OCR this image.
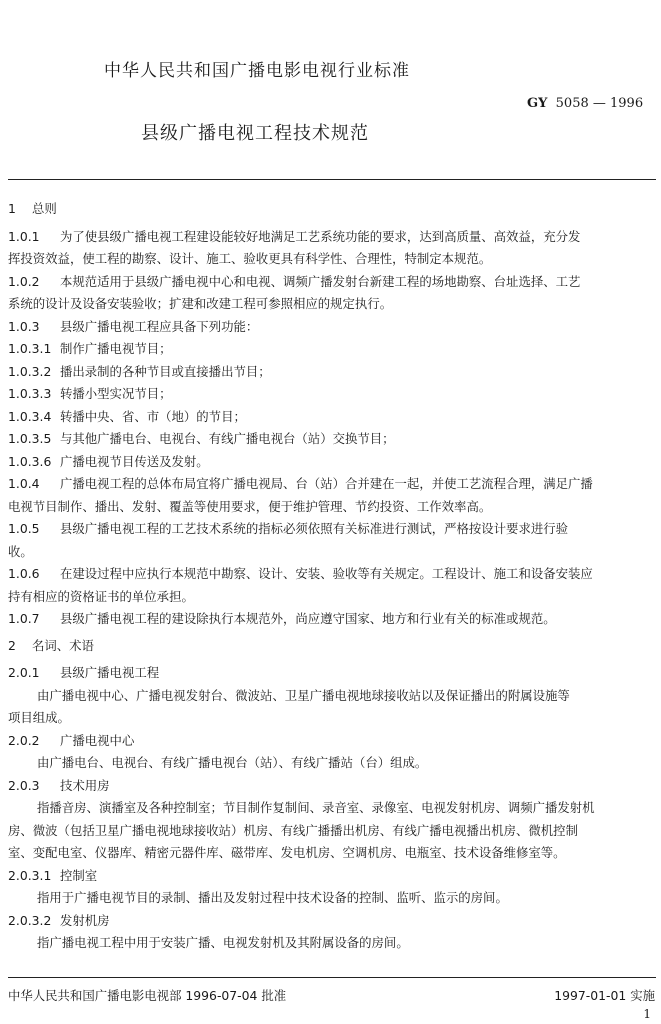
中华人民共和国广播电影电视行业标准
GY 5058 — 1996
县级广播电视工程技术规范
1 总则
1.0.1 为了使县级广播电视工程建设能较好地满足工艺系统功能的要求，达到高质量、高效益，充分发
挥投资效益，使工程的勘察、设计、施工、验收更具有科学性、合理性，特制定本规范。
1.0.2 本规范适用于县级广播电视中心和电视、调频广播发射台新建工程的场地勘察、台址选择、工艺
系统的设计及设备安装验收；扩建和改建工程可参照相应的规定执行。
1.0.3 县级广播电视工程应具备下列功能：
1.0.3.1 制作广播电视节目；
1.0.3.2 播出录制的各种节目或直接播出节目；
1.0.3.3 转播小型实况节目；
1.0.3.4 转播中央、省、市（地）的节目；
1.0.3.5 与其他广播电台、电视台、有线广播电视台（站）交换节目；
1.0.3.6 广播电视节目传送及发射。
1.0.4 广播电视工程的总体布局宜将广播电视局、台（站）合并建在一起，并使工艺流程合理，满足广播
电视节目制作、播出、发射、覆盖等使用要求，便于维护管理、节约投资、工作效率高。
1.0.5 县级广播电视工程的工艺技术系统的指标必须依照有关标准进行测试，严格按设计要求进行验
收。
1.0.6 在建设过程中应执行本规范中勘察、设计、安装、验收等有关规定。工程设计、施工和设备安装应
持有相应的资格证书的单位承担。
1.0.7 县级广播电视工程的建设除执行本规范外，尚应遵守国家、地方和行业有关的标准或规范。
2 名词、术语
2.0.1 县级广播电视工程
由广播电视中心、广播电视发射台、微波站、卫星广播电视地球接收站以及保证播出的附属设施等
项目组成。
2.0.2 广播电视中心
由广播电台、电视台、有线广播电视台（站）、有线广播站（台）组成。
2.0.3 技术用房
指播音房、演播室及各种控制室；节目制作复制间、录音室、录像室、电视发射机房、调频广播发射机
房、微波（包括卫星广播电视地球接收站）机房、有线广播播出机房、有线广播电视播出机房、微机控制
室、变配电室、仪器库、精密元器件库、磁带库、发电机房、空调机房、电瓶室、技术设备维修室等。
2.0.3.1 控制室
指用于广播电视节目的录制、播出及发射过程中技术设备的控制、监听、监示的房间。
2.0.3.2 发射机房
指广播电视工程中用于安装广播、电视发射机及其附属设备的房间。
中华人民共和国广播电影电视部 1996-07-04 批准	1997-01-01 实施
1
